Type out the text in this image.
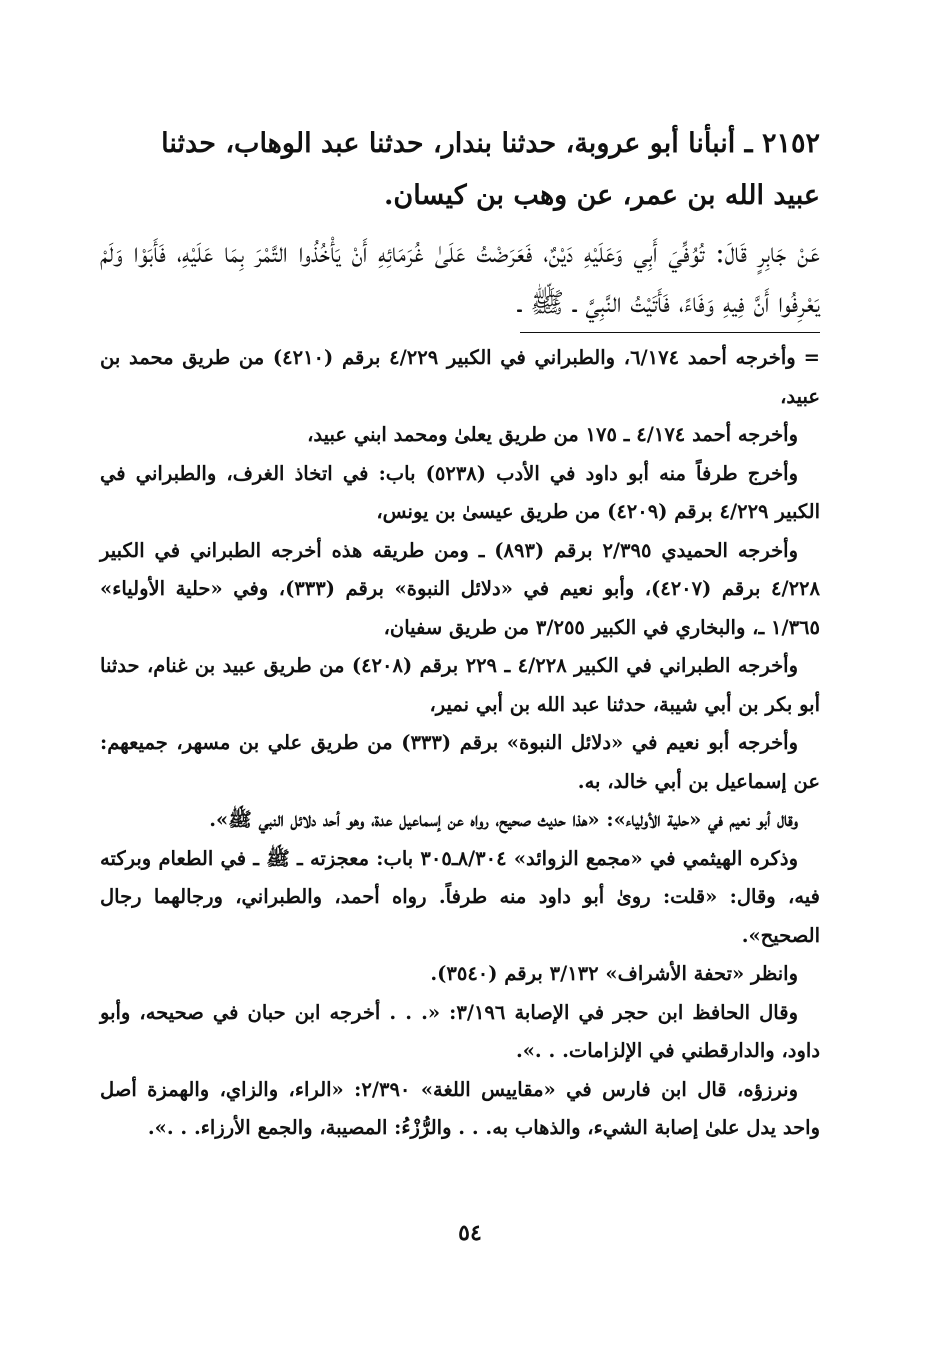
٢١٥٢ ـ أنبأنا أبو عروبة، حدثنا بندار، حدثنا عبد الوهاب، حدثنا

عبيد الله بن عمر، عن وهب بن كيسان.

عَنْ جَابِرٍ قَالَ: تُوُفِّيَ أَبِي وَعَلَيْهِ دَيْنٌ، فَعَرَضْتُ عَلَىٰ غُرَمَائِهِ أَنْ يَأْخُذُوا التَّمْرَ بِمَا عَلَيْهِ، فَأَبَوْا وَلَمْ يَعْرِفُوا أَنَّ فِيهِ وَفَاءً، فَأَتَيْتُ النَّبِيَّ ـ ﷺ ـ

=وأخرجه أحمد ٦/١٧٤، والطبراني في الكبير ٤/٢٢٩ برقم (٤٢١٠) من طريق محمد بن عبيد،

وأخرجه أحمد ٤/١٧٤ ـ ١٧٥ من طريق يعلىٰ ومحمد ابني عبيد،

وأخرج طرفاً منه أبو داود في الأدب (٥٢٣٨) باب: في اتخاذ الغرف، والطبراني في الكبير ٤/٢٢٩ برقم (٤٢٠٩) من طريق عيسىٰ بن يونس،

وأخرجه الحميدي ٢/٣٩٥ برقم (٨٩٣) ـ ومن طريقه هذه أخرجه الطبراني في الكبير ٤/٢٢٨ برقم (٤٢٠٧)، وأبو نعيم في «دلائل النبوة» برقم (٣٣٣)، وفي «حلية الأولياء» ١/٣٦٥ ـ، والبخاري في الكبير ٣/٢٥٥ من طريق سفيان،

وأخرجه الطبراني في الكبير ٤/٢٢٨ ـ ٢٢٩ برقم (٤٢٠٨) من طريق عبيد بن غنام، حدثنا أبو بكر بن أبي شيبة، حدثنا عبد الله بن أبي نمير،

وأخرجه أبو نعيم في «دلائل النبوة» برقم (٣٣٣) من طريق علي بن مسهر، جميعهم: عن إسماعيل بن أبي خالد، به.

وقال أبو نعيم في «حلية الأولياء»: «هذا حديث صحيح، رواه عن إسماعيل عدة، وهو أحد دلائل النبي ﷺ».

وذكره الهيثمي في «مجمع الزوائد» ٨/٣٠٤ـ٣٠٥ باب: معجزته ـ ﷺ ـ في الطعام وبركته فيه، وقال: «قلت: روىٰ أبو داود منه طرفاً. رواه أحمد، والطبراني، ورجالهما رجال الصحيح».

وانظر «تحفة الأشراف» ٣/١٣٢ برقم (٣٥٤٠).

وقال الحافظ ابن حجر في الإصابة ٣/١٩٦: «. . . أخرجه ابن حبان في صحيحه، وأبو داود، والدارقطني في الإلزامات. . .».

ونرزؤه، قال ابن فارس في «مقاييس اللغة» ٢/٣٩٠: «الراء، والزاي، والهمزة أصل واحد يدل علىٰ إصابة الشيء، والذهاب به. . . والرُّزْءُ: المصيبة، والجمع الأرزاء. . .».

٥٤
